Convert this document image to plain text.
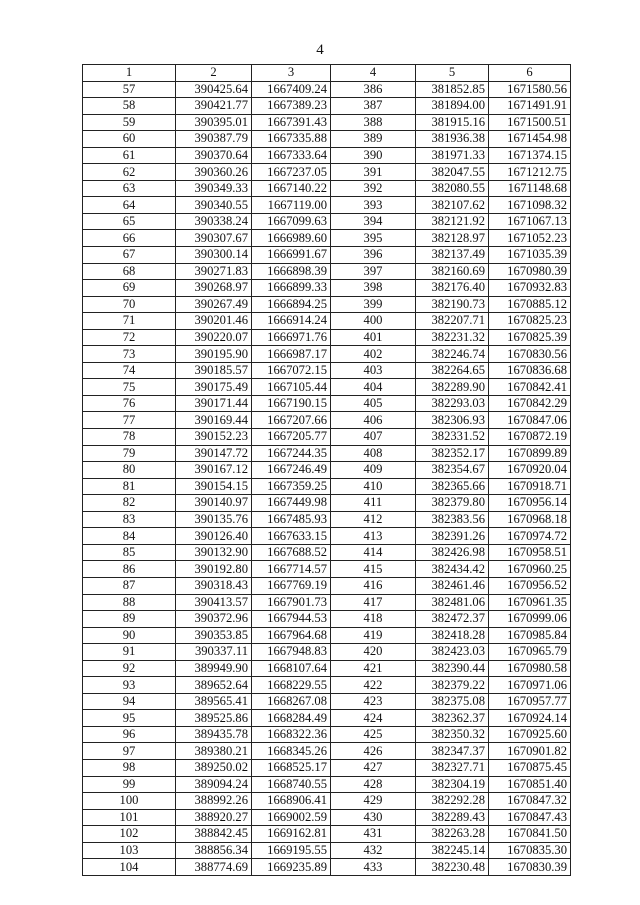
4
1	2	3	4	5	6
57	390425.64	1667409.24	386	381852.85	1671580.56
58	390421.77	1667389.23	387	381894.00	1671491.91
59	390395.01	1667391.43	388	381915.16	1671500.51
60	390387.79	1667335.88	389	381936.38	1671454.98
61	390370.64	1667333.64	390	381971.33	1671374.15
62	390360.26	1667237.05	391	382047.55	1671212.75
63	390349.33	1667140.22	392	382080.55	1671148.68
64	390340.55	1667119.00	393	382107.62	1671098.32
65	390338.24	1667099.63	394	382121.92	1671067.13
66	390307.67	1666989.60	395	382128.97	1671052.23
67	390300.14	1666991.67	396	382137.49	1671035.39
68	390271.83	1666898.39	397	382160.69	1670980.39
69	390268.97	1666899.33	398	382176.40	1670932.83
70	390267.49	1666894.25	399	382190.73	1670885.12
71	390201.46	1666914.24	400	382207.71	1670825.23
72	390220.07	1666971.76	401	382231.32	1670825.39
73	390195.90	1666987.17	402	382246.74	1670830.56
74	390185.57	1667072.15	403	382264.65	1670836.68
75	390175.49	1667105.44	404	382289.90	1670842.41
76	390171.44	1667190.15	405	382293.03	1670842.29
77	390169.44	1667207.66	406	382306.93	1670847.06
78	390152.23	1667205.77	407	382331.52	1670872.19
79	390147.72	1667244.35	408	382352.17	1670899.89
80	390167.12	1667246.49	409	382354.67	1670920.04
81	390154.15	1667359.25	410	382365.66	1670918.71
82	390140.97	1667449.98	411	382379.80	1670956.14
83	390135.76	1667485.93	412	382383.56	1670968.18
84	390126.40	1667633.15	413	382391.26	1670974.72
85	390132.90	1667688.52	414	382426.98	1670958.51
86	390192.80	1667714.57	415	382434.42	1670960.25
87	390318.43	1667769.19	416	382461.46	1670956.52
88	390413.57	1667901.73	417	382481.06	1670961.35
89	390372.96	1667944.53	418	382472.37	1670999.06
90	390353.85	1667964.68	419	382418.28	1670985.84
91	390337.11	1667948.83	420	382423.03	1670965.79
92	389949.90	1668107.64	421	382390.44	1670980.58
93	389652.64	1668229.55	422	382379.22	1670971.06
94	389565.41	1668267.08	423	382375.08	1670957.77
95	389525.86	1668284.49	424	382362.37	1670924.14
96	389435.78	1668322.36	425	382350.32	1670925.60
97	389380.21	1668345.26	426	382347.37	1670901.82
98	389250.02	1668525.17	427	382327.71	1670875.45
99	389094.24	1668740.55	428	382304.19	1670851.40
100	388992.26	1668906.41	429	382292.28	1670847.32
101	388920.27	1669002.59	430	382289.43	1670847.43
102	388842.45	1669162.81	431	382263.28	1670841.50
103	388856.34	1669195.55	432	382245.14	1670835.30
104	388774.69	1669235.89	433	382230.48	1670830.39
